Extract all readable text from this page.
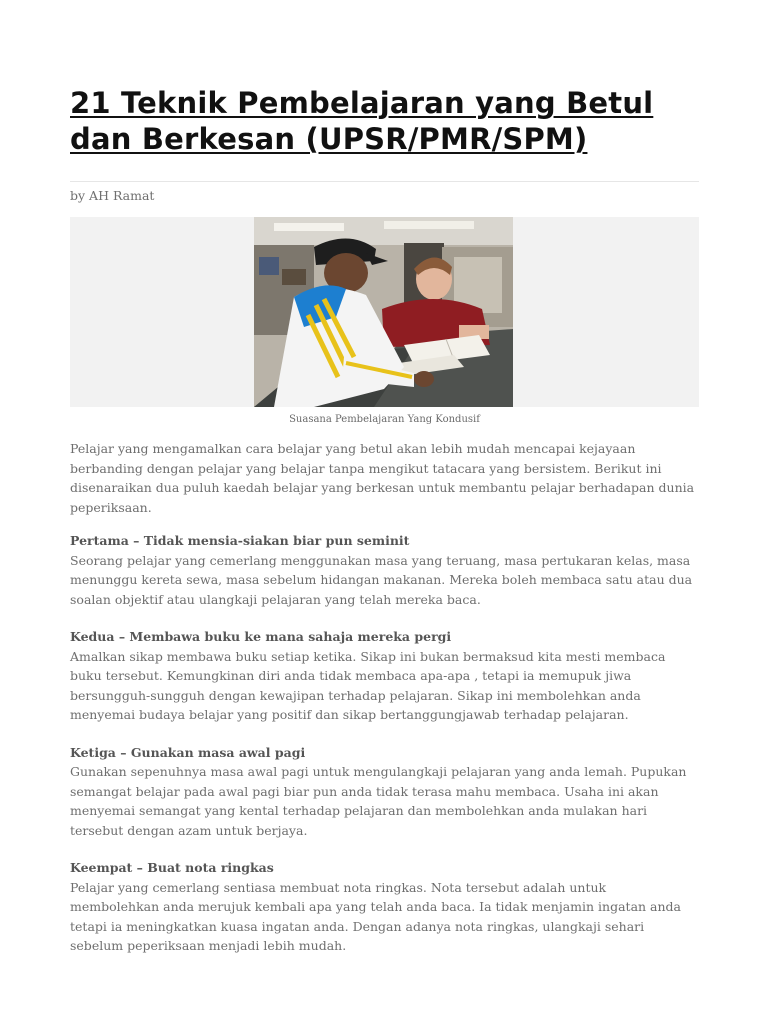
21 Teknik Pembelajaran yang Betul dan Berkesan (UPSR/PMR/SPM)
by AH Ramat
Suasana Pembelajaran Yang Kondusif

Pelajar yang mengamalkan cara belajar yang betul akan lebih mudah mencapai kejayaan berbanding dengan pelajar yang belajar tanpa mengikut tatacara yang bersistem. Berikut ini disenaraikan dua puluh kaedah belajar yang berkesan untuk membantu pelajar berhadapan dunia peperiksaan.

Pertama – Tidak mensia-siakan biar pun seminit

Seorang pelajar yang cemerlang menggunakan masa yang teruang, masa pertukaran kelas, masa menunggu kereta sewa, masa sebelum hidangan makanan. Mereka boleh membaca satu atau dua soalan objektif atau ulangkaji pelajaran yang telah mereka baca.

Kedua – Membawa buku ke mana sahaja mereka pergi

Amalkan sikap membawa buku setiap ketika. Sikap ini bukan bermaksud kita mesti membaca buku tersebut. Kemungkinan diri anda tidak membaca apa-apa , tetapi ia memupuk jiwa bersungguh-sungguh dengan kewajipan terhadap pelajaran. Sikap ini membolehkan anda menyemai budaya belajar yang positif dan sikap bertanggungjawab terhadap pelajaran.

Ketiga – Gunakan masa awal pagi

Gunakan sepenuhnya masa awal pagi untuk mengulangkaji pelajaran yang anda lemah. Pupukan semangat belajar pada awal pagi biar pun anda tidak terasa mahu membaca. Usaha ini akan menyemai semangat yang kental terhadap pelajaran dan membolehkan anda mulakan hari tersebut dengan azam untuk berjaya.

Keempat – Buat nota ringkas

Pelajar yang cemerlang sentiasa membuat nota ringkas. Nota tersebut adalah untuk membolehkan anda merujuk kembali apa yang telah anda baca. Ia tidak menjamin ingatan anda tetapi ia meningkatkan kuasa ingatan anda. Dengan adanya nota ringkas, ulangkaji sehari sebelum peperiksaan menjadi lebih mudah.
